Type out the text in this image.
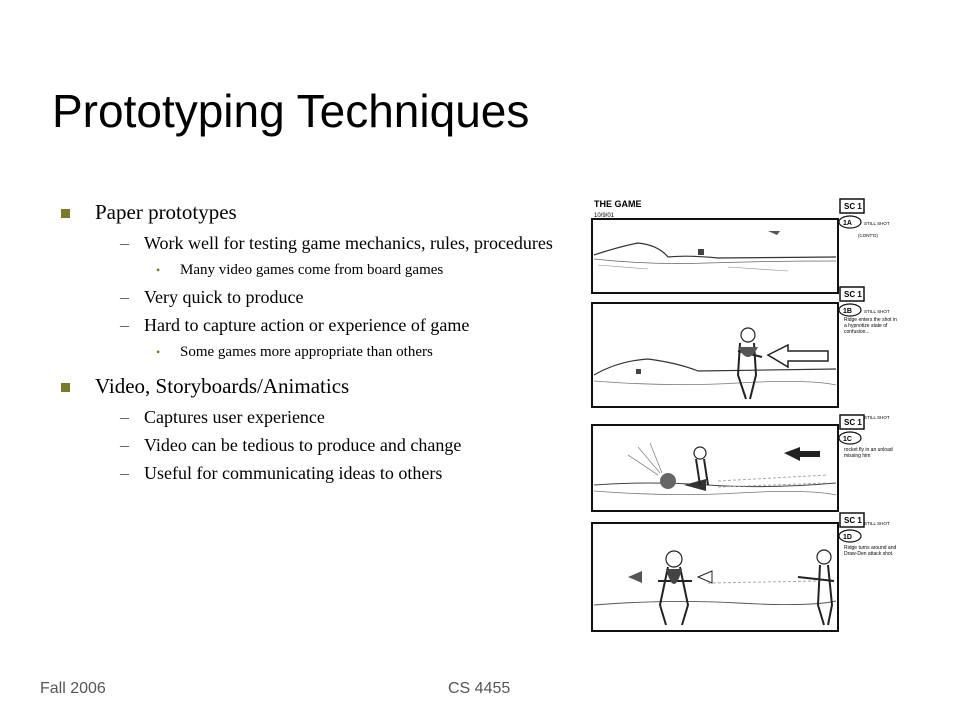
Prototyping Techniques
Paper prototypes
– Work well for testing game mechanics, rules, procedures
• Many video games come from board games
– Very quick to produce
– Hard to capture action or experience of game
• Some games more appropriate than others
Video, Storyboards/Animatics
– Captures user experience
– Video can be tedious to produce and change
– Useful for communicating ideas to others
THE GAME
10/9/01
SC 1
1A	STILL SHOT
(CONT'D)
SC 1
1B	STILL SHOT
Ridge enters the shot in a hypnotize state of confusion...
SC 1
1C
STILL SHOT
rocket fly in an unload missing him
SC 1
1D
STILL SHOT
Ridge turns around and Draw-Den attack shot.
Fall 2006	CS 4455
